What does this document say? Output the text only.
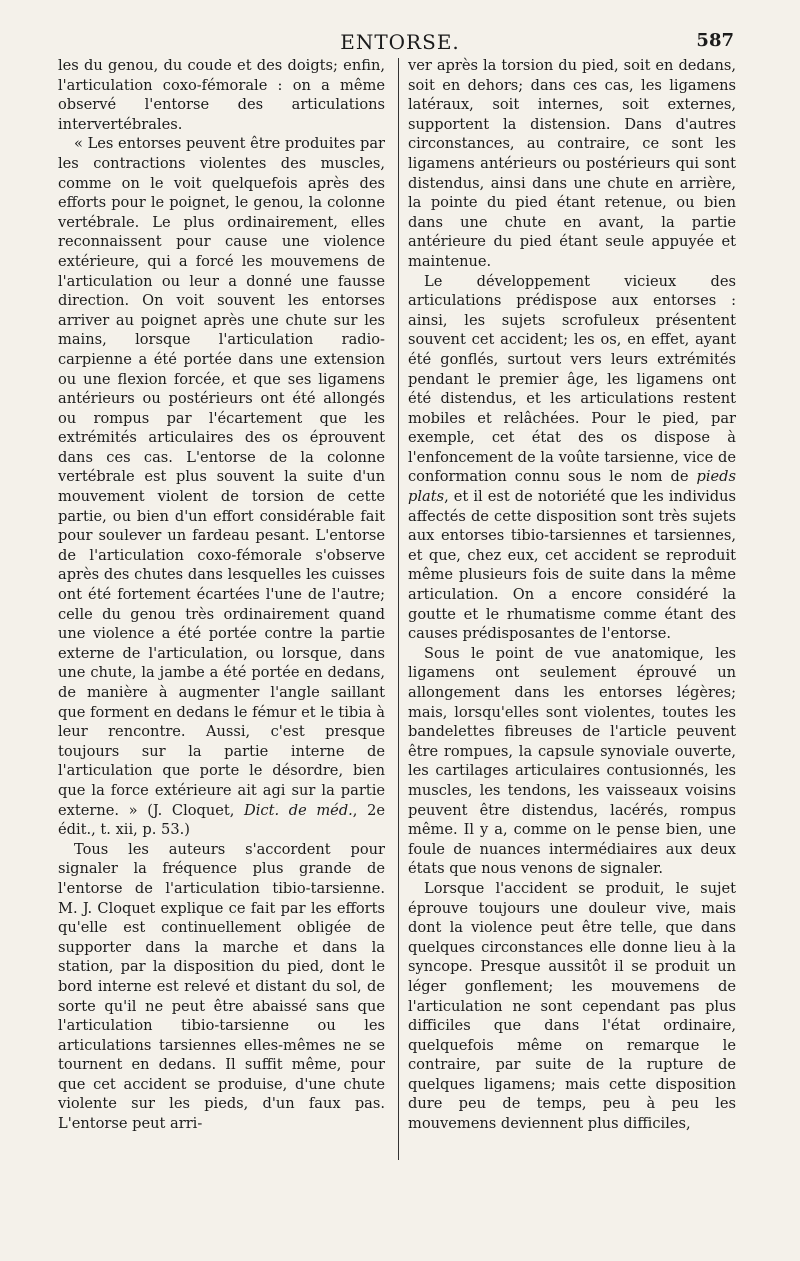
ENTORSE.	587

les du genou, du coude et des doigts; enfin, l'articulation coxo-fémorale : on a même observé l'entorse des articulations intervertébrales.

« Les entorses peuvent être produites par les contractions violentes des muscles, comme on le voit quelquefois après des efforts pour le poignet, le genou, la colonne vertébrale. Le plus ordinairement, elles reconnaissent pour cause une violence extérieure, qui a forcé les mouvemens de l'articulation ou leur a donné une fausse direction. On voit souvent les entorses arriver au poignet après une chute sur les mains, lorsque l'articulation radio-carpienne a été portée dans une extension ou une flexion forcée, et que ses ligamens antérieurs ou postérieurs ont été allongés ou rompus par l'écartement que les extrémités articulaires des os éprouvent dans ces cas. L'entorse de la colonne vertébrale est plus souvent la suite d'un mouvement violent de torsion de cette partie, ou bien d'un effort considérable fait pour soulever un fardeau pesant. L'entorse de l'articulation coxo-fémorale s'observe après des chutes dans lesquelles les cuisses ont été fortement écartées l'une de l'autre; celle du genou très ordinairement quand une violence a été portée contre la partie externe de l'articulation, ou lorsque, dans une chute, la jambe a été portée en dedans, de manière à augmenter l'angle saillant que forment en dedans le fémur et le tibia à leur rencontre. Aussi, c'est presque toujours sur la partie interne de l'articulation que porte le désordre, bien que la force extérieure ait agi sur la partie externe. » (J. Cloquet, Dict. de méd., 2e édit., t. xii, p. 53.)

Tous les auteurs s'accordent pour signaler la fréquence plus grande de l'entorse de l'articulation tibio-tarsienne. M. J. Cloquet explique ce fait par les efforts qu'elle est continuellement obligée de supporter dans la marche et dans la station, par la disposition du pied, dont le bord interne est relevé et distant du sol, de sorte qu'il ne peut être abaissé sans que l'articulation tibio-tarsienne ou les articulations tarsiennes elles-mêmes ne se tournent en dedans. Il suffit même, pour que cet accident se produise, d'une chute violente sur les pieds, d'un faux pas. L'entorse peut arri-

ver après la torsion du pied, soit en dedans, soit en dehors; dans ces cas, les ligamens latéraux, soit internes, soit externes, supportent la distension. Dans d'autres circonstances, au contraire, ce sont les ligamens antérieurs ou postérieurs qui sont distendus, ainsi dans une chute en arrière, la pointe du pied étant retenue, ou bien dans une chute en avant, la partie antérieure du pied étant seule appuyée et maintenue.

Le développement vicieux des articulations prédispose aux entorses : ainsi, les sujets scrofuleux présentent souvent cet accident; les os, en effet, ayant été gonflés, surtout vers leurs extrémités pendant le premier âge, les ligamens ont été distendus, et les articulations restent mobiles et relâchées. Pour le pied, par exemple, cet état des os dispose à l'enfoncement de la voûte tarsienne, vice de conformation connu sous le nom de pieds plats, et il est de notoriété que les individus affectés de cette disposition sont très sujets aux entorses tibio-tarsiennes et tarsiennes, et que, chez eux, cet accident se reproduit même plusieurs fois de suite dans la même articulation. On a encore considéré la goutte et le rhumatisme comme étant des causes prédisposantes de l'entorse.

Sous le point de vue anatomique, les ligamens ont seulement éprouvé un allongement dans les entorses légères; mais, lorsqu'elles sont violentes, toutes les bandelettes fibreuses de l'article peuvent être rompues, la capsule synoviale ouverte, les cartilages articulaires contusionnés, les muscles, les tendons, les vaisseaux voisins peuvent être distendus, lacérés, rompus même. Il y a, comme on le pense bien, une foule de nuances intermédiaires aux deux états que nous venons de signaler.

Lorsque l'accident se produit, le sujet éprouve toujours une douleur vive, mais dont la violence peut être telle, que dans quelques circonstances elle donne lieu à la syncope. Presque aussitôt il se produit un léger gonflement; les mouvemens de l'articulation ne sont cependant pas plus difficiles que dans l'état ordinaire, quelquefois même on remarque le contraire, par suite de la rupture de quelques ligamens; mais cette disposition dure peu de temps, peu à peu les mouvemens deviennent plus difficiles,
